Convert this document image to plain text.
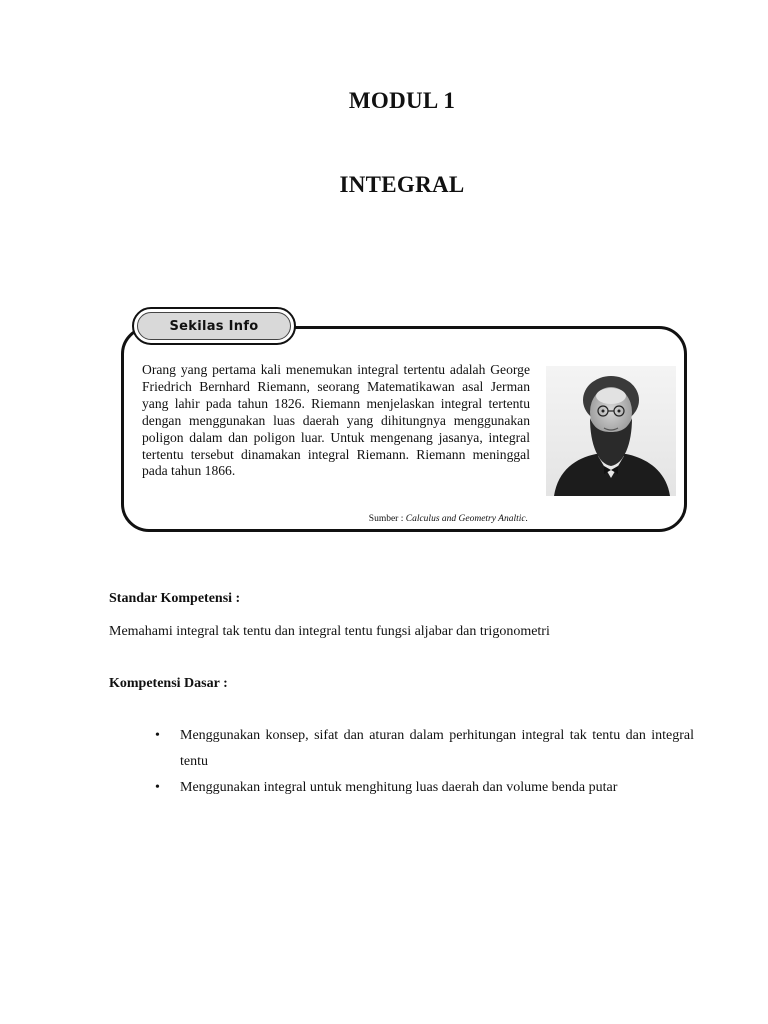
MODUL 1
INTEGRAL
Sekilas Info
Orang yang pertama kali menemukan integral tertentu adalah George Friedrich Bernhard Riemann, seorang Matematikawan asal Jerman yang lahir pada tahun 1826. Riemann menjelaskan integral tertentu dengan menggunakan luas daerah yang dihitungnya menggunakan poligon dalam dan poligon luar. Untuk mengenang jasanya, integral tertentu tersebut dinamakan integral Riemann. Riemann meninggal pada tahun 1866.
Sumber : Calculus and Geometry Analtic.
Standar Kompetensi :
Memahami integral tak tentu dan integral tentu fungsi aljabar dan trigonometri
Kompetensi Dasar :
• Menggunakan konsep, sifat dan aturan dalam perhitungan integral tak tentu dan integral tentu
• Menggunakan integral untuk menghitung luas daerah dan volume benda putar
